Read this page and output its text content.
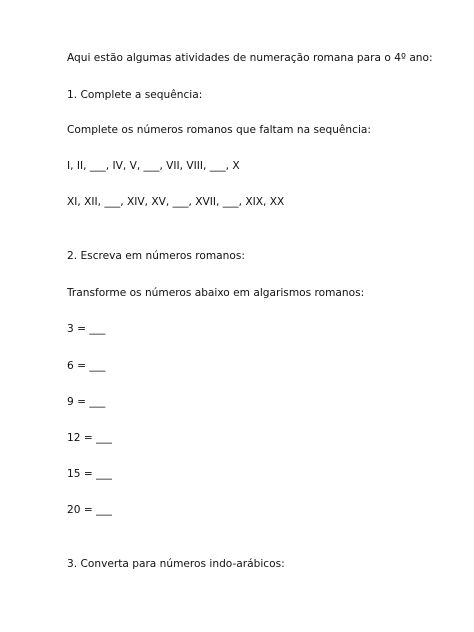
Aqui estão algumas atividades de numeração romana para o 4º ano:
1. Complete a sequência:
Complete os números romanos que faltam na sequência:
I, II, ___, IV, V, ___, VII, VIII, ___, X
XI, XII, ___, XIV, XV, ___, XVII, ___, XIX, XX
2. Escreva em números romanos:
Transforme os números abaixo em algarismos romanos:
3 = ___
6 = ___
9 = ___
12 = ___
15 = ___
20 = ___
3. Converta para números indo-arábicos:
